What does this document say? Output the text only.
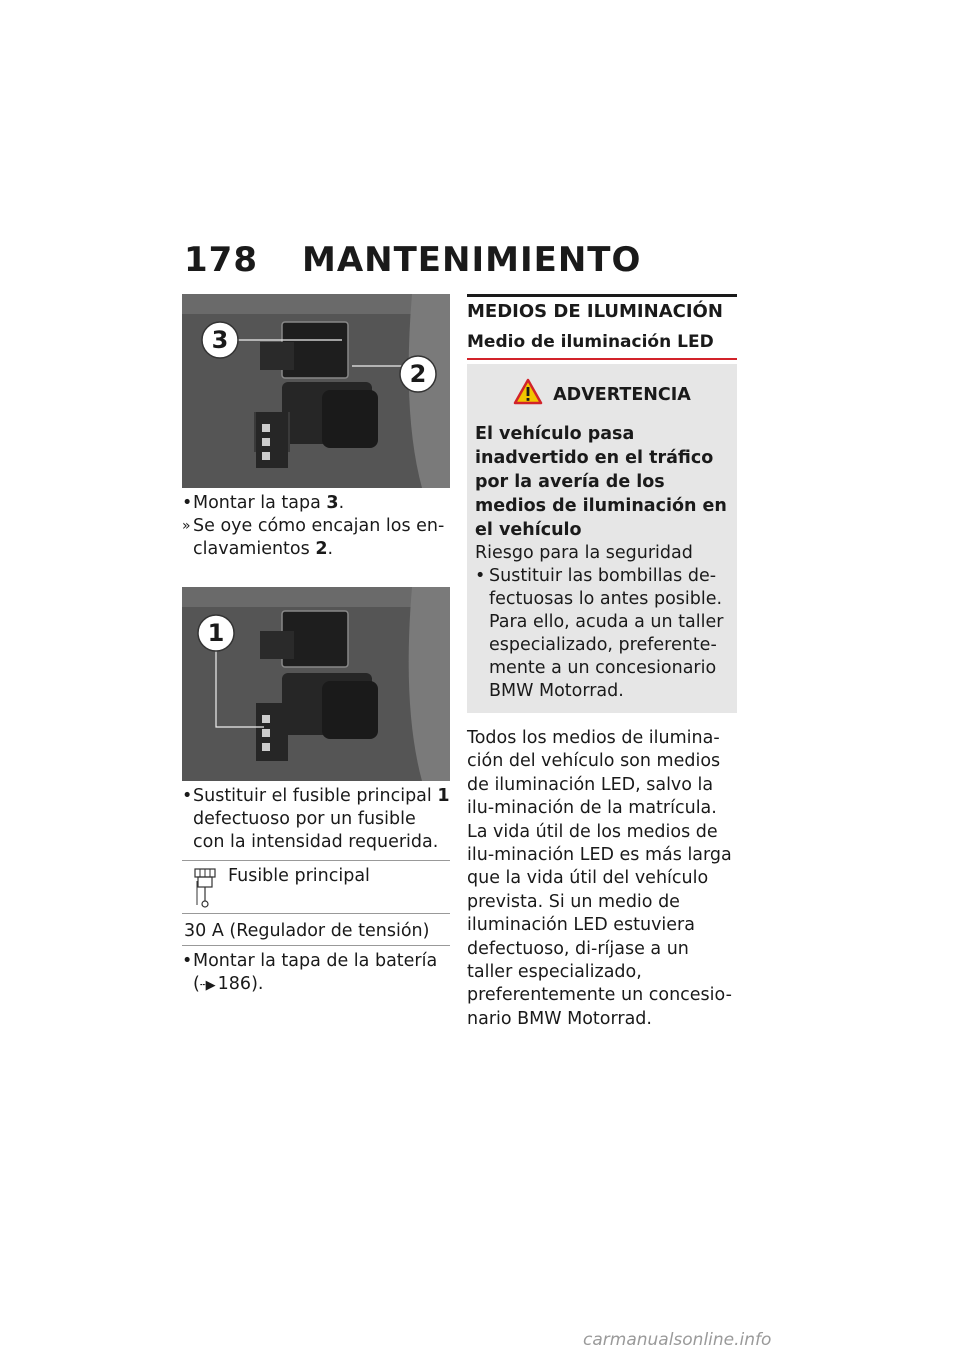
178 MANTENIMIENTO
3
2
• Montar la tapa 3.
» Se oye cómo encajan los en-clavamientos 2.
1
• Sustituir el fusible principal 1 defectuoso por un fusible con la intensidad requerida.
Fusible principal
30 A (Regulador de tensión)
• Montar la tapa de la batería (┄▶ 186).
MEDIOS DE ILUMINACIÓN
Medio de iluminación LED
ADVERTENCIA
El vehículo pasa inadvertido en el tráfico por la avería de los medios de iluminación en el vehículo
Riesgo para la seguridad
• Sustituir las bombillas de-fectuosas lo antes posible. Para ello, acuda a un taller especializado, preferente-mente a un concesionario BMW Motorrad.
Todos los medios de ilumina-ción del vehículo son medios de iluminación LED, salvo la ilu-minación de la matrícula. La vida útil de los medios de ilu-minación LED es más larga que la vida útil del vehículo prevista. Si un medio de iluminación LED estuviera defectuoso, di-ríjase a un taller especializado, preferentemente un concesio-nario BMW Motorrad.
carmanualsonline.info
